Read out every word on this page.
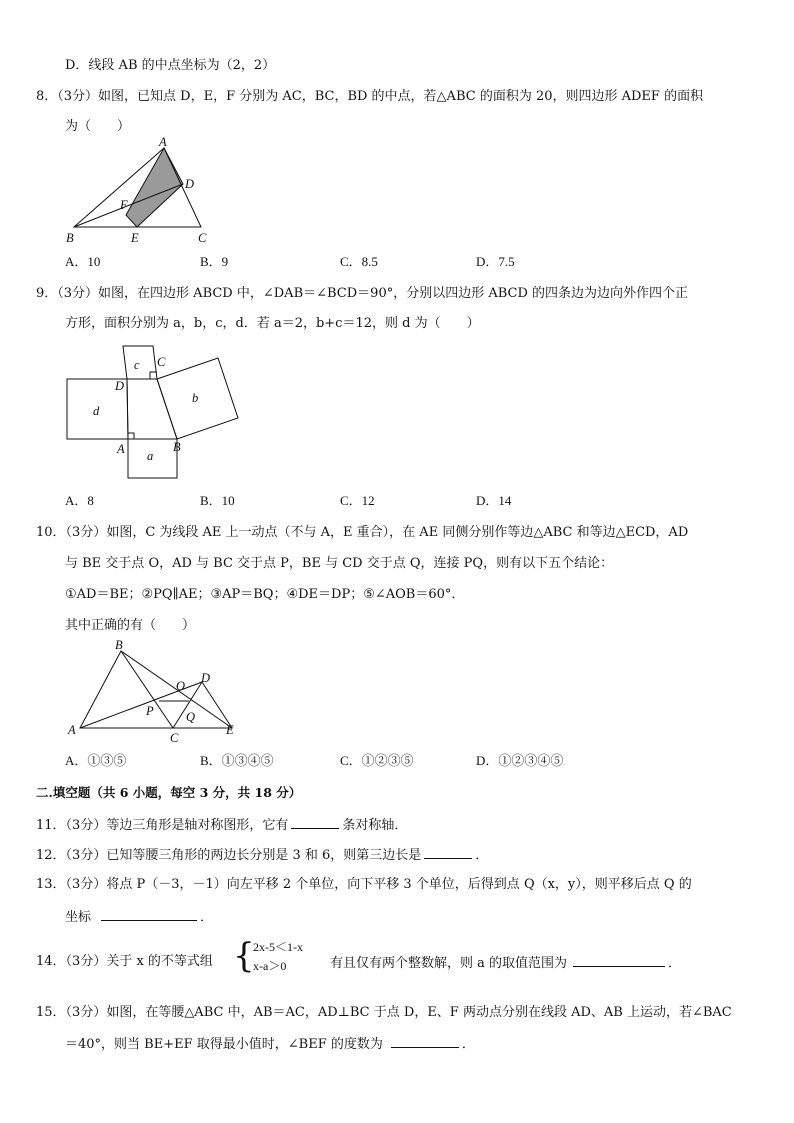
D．线段 AB 的中点坐标为（2，2）
8．（3分）如图，已知点 D，E，F 分别为 AC，BC，BD 的中点，若△ABC 的面积为 20，则四边形 ADEF 的面积
为（　　）
A
D
F
B	E	C
A．10	B．9	C．8.5	D．7.5
9．（3分）如图，在四边形 ABCD 中，∠DAB＝∠BCD＝90°，分别以四边形 ABCD 的四条边为边向外作四个正
方形，面积分别为 a，b，c，d．若 a＝2，b+c＝12，则 d 为（　　）
D
C
A	B
d
c
b
a
A．8	B．10	C．12	D．14
10．（3分）如图，C 为线段 AE 上一动点（不与 A，E 重合），在 AE 同侧分别作等边△ABC 和等边△ECD，AD
与 BE 交于点 O，AD 与 BC 交于点 P，BE 与 CD 交于点 Q，连接 PQ，则有以下五个结论：
①AD＝BE；②PQ∥AE；③AP＝BQ；④DE＝DP；⑤∠AOB＝60°．
其中正确的有（　　）
A
B
C
D
E
O
P	Q
A．①③⑤	B．①③④⑤	C．①②③⑤	D．①②③④⑤
二.填空题（共 6 小题，每空 3 分，共 18 分）
11．（3分）等边三角形是轴对称图形，它有	条对称轴．
12．（3分）已知等腰三角形的两边长分别是 3 和 6，则第三边长是	．
13．（3分）将点 P（－3，－1）向左平移 2 个单位，向下平移 3 个单位，后得到点 Q（x，y），则平移后点 Q 的
坐标	．
14．（3分）关于 x 的不等式组 {
2x-5＜1-x
x-a＞0	有且仅有两个整数解，则 a 的取值范围为	．
15．（3分）如图，在等腰△ABC 中，AB＝AC，AD⊥BC 于点 D，E、F 两动点分别在线段 AD、AB 上运动，若∠BAC
＝40°，则当 BE+EF 取得最小值时，∠BEF 的度数为	．
